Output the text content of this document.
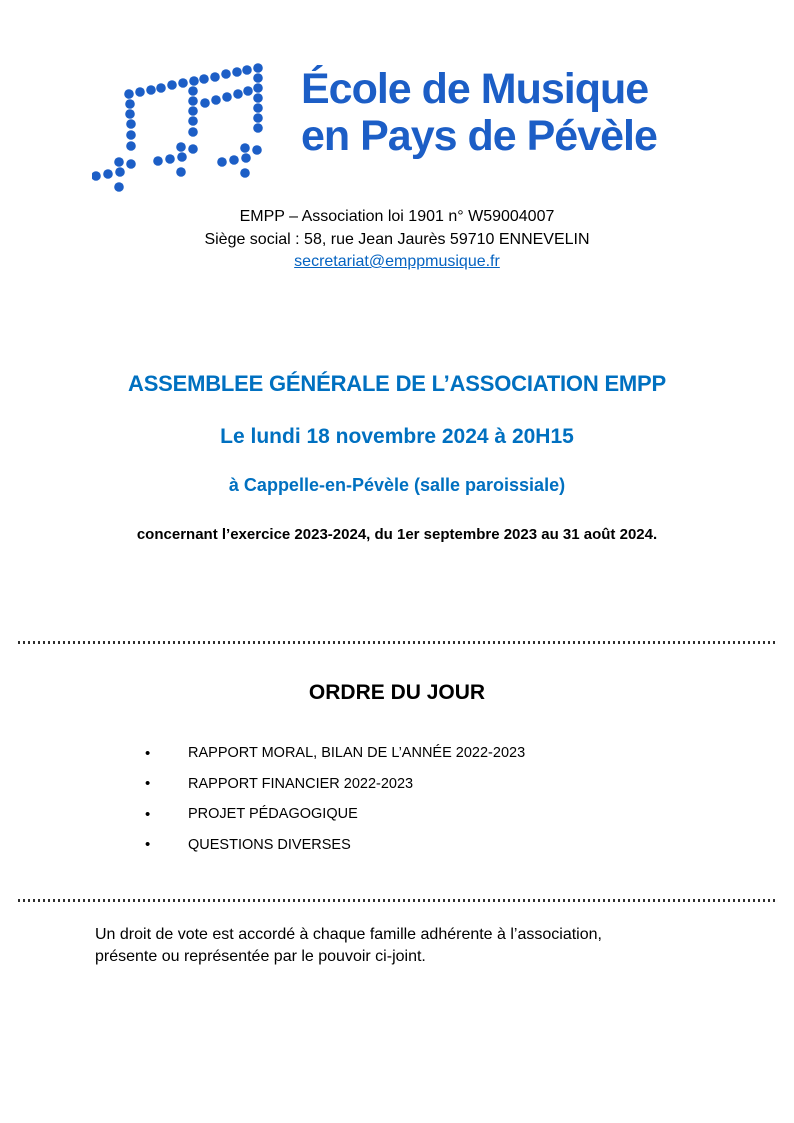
École de Musique
en Pays de Pévèle
EMPP – Association loi 1901 n° W59004007
Siège social : 58, rue Jean Jaurès 59710 ENNEVELIN
secretariat@emppmusique.fr
ASSEMBLEE GÉNÉRALE DE L’ASSOCIATION EMPP
Le lundi 18 novembre 2024 à 20H15
à Cappelle-en-Pévèle (salle paroissiale)
concernant l’exercice 2023-2024, du 1er septembre 2023 au 31 août 2024.
ORDRE DU JOUR
•	RAPPORT MORAL, BILAN DE L’ANNÉE 2022-2023
•	RAPPORT FINANCIER 2022-2023
•	PROJET PÉDAGOGIQUE
•	QUESTIONS DIVERSES
Un droit de vote est accordé à chaque famille adhérente à l’association,
présente ou représentée par le pouvoir ci-joint.
